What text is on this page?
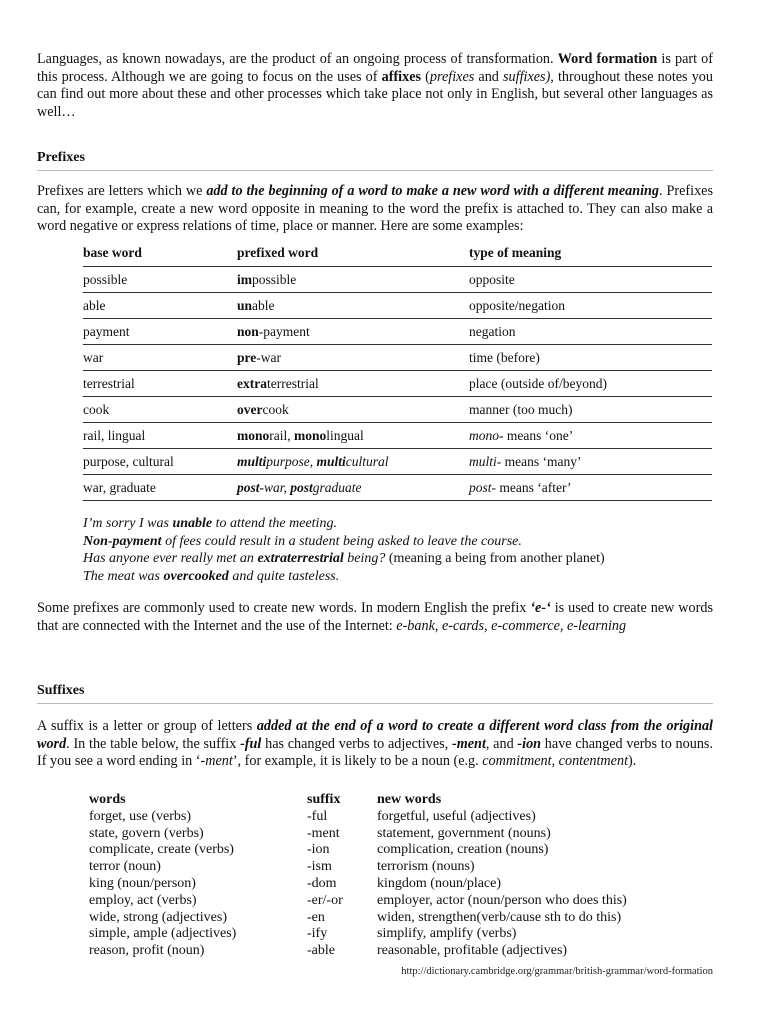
Languages, as known nowadays, are the product of an ongoing process of transformation. Word formation is part of this process. Although we are going to focus on the uses of affixes (prefixes and suffixes), throughout these notes you can find out more about these and other processes which take place not only in English, but several other languages as well…

Prefixes

Prefixes are letters which we add to the beginning of a word to make a new word with a different meaning. Prefixes can, for example, create a new word opposite in meaning to the word the prefix is attached to. They can also make a word negative or express relations of time, place or manner. Here are some examples:

base word	prefixed word	type of meaning
possible	impossible	opposite
able	unable	opposite/negation
payment	non-payment	negation
war	pre-war	time (before)
terrestrial	extraterrestrial	place (outside of/beyond)
cook	overcook	manner (too much)
rail, lingual	monorail, monolingual	mono- means ‘one’
purpose, cultural	multipurpose, multicultural	multi- means ‘many’
war, graduate	post-war, postgraduate	post- means ‘after’
I’m sorry I was unable to attend the meeting.
Non-payment of fees could result in a student being asked to leave the course.
Has anyone ever really met an extraterrestrial being? (meaning a being from another planet)
The meat was overcooked and quite tasteless.

Some prefixes are commonly used to create new words. In modern English the prefix ‘e-‘ is used to create new words that are connected with the Internet and the use of the Internet: e-bank, e-cards, e-commerce, e-learning

Suffixes

A suffix is a letter or group of letters added at the end of a word to create a different word class from the original word. In the table below, the suffix -ful has changed verbs to adjectives, -ment, and -ion have changed verbs to nouns. If you see a word ending in ‘-ment’, for example, it is likely to be a noun (e.g. commitment, contentment).

words	suffix	new words
forget, use (verbs)	-ful	forgetful, useful (adjectives)
state, govern (verbs)	-ment	statement, government (nouns)
complicate, create (verbs)	-ion	complication, creation (nouns)
terror (noun)	-ism	terrorism (nouns)
king (noun/person)	-dom	kingdom (noun/place)
employ, act (verbs)	-er/-or	employer, actor (noun/person who does this)
wide, strong (adjectives)	-en	widen, strengthen(verb/cause sth to do this)
simple, ample (adjectives)	-ify	simplify, amplify (verbs)
reason, profit (noun)	-able	reasonable, profitable (adjectives)
http://dictionary.cambridge.org/grammar/british-grammar/word-formation
